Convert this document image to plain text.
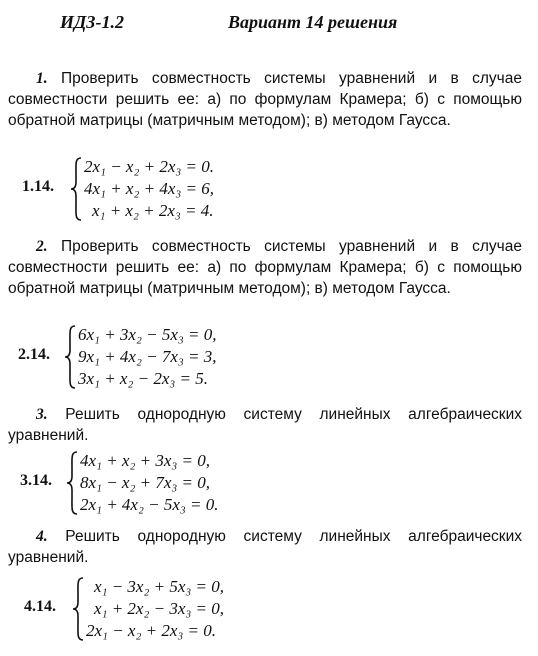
ИДЗ-1.2	Вариант 14 решения
1. Проверить совместность системы уравнений и в случае совместности решить ее: а) по формулам Крамера; б) с помощью обратной матрицы (матричным методом); в) методом Гаусса.
1.14.
2x₁ − x₂ + 2x₃ = 0.
4x₁ + x₂ + 4x₃ = 6,
x₁ + x₂ + 2x₃ = 4.
2. Проверить совместность системы уравнений и в случае совместности решить ее: а) по формулам Крамера; б) с помощью обратной матрицы (матричным методом); в) методом Гаусса.
2.14.
6x₁ + 3x₂ − 5x₃ = 0,
9x₁ + 4x₂ − 7x₃ = 3,
3x₁ + x₂ − 2x₃ = 5.
3. Решить однородную систему линейных алгебраических уравнений.
3.14.
4x₁ + x₂ + 3x₃ = 0,
8x₁ − x₂ + 7x₃ = 0,
2x₁ + 4x₂ − 5x₃ = 0.
4. Решить однородную систему линейных алгебраических уравнений.
4.14.
x₁ − 3x₂ + 5x₃ = 0,
x₁ + 2x₂ − 3x₃ = 0,
2x₁ − x₂ + 2x₃ = 0.
